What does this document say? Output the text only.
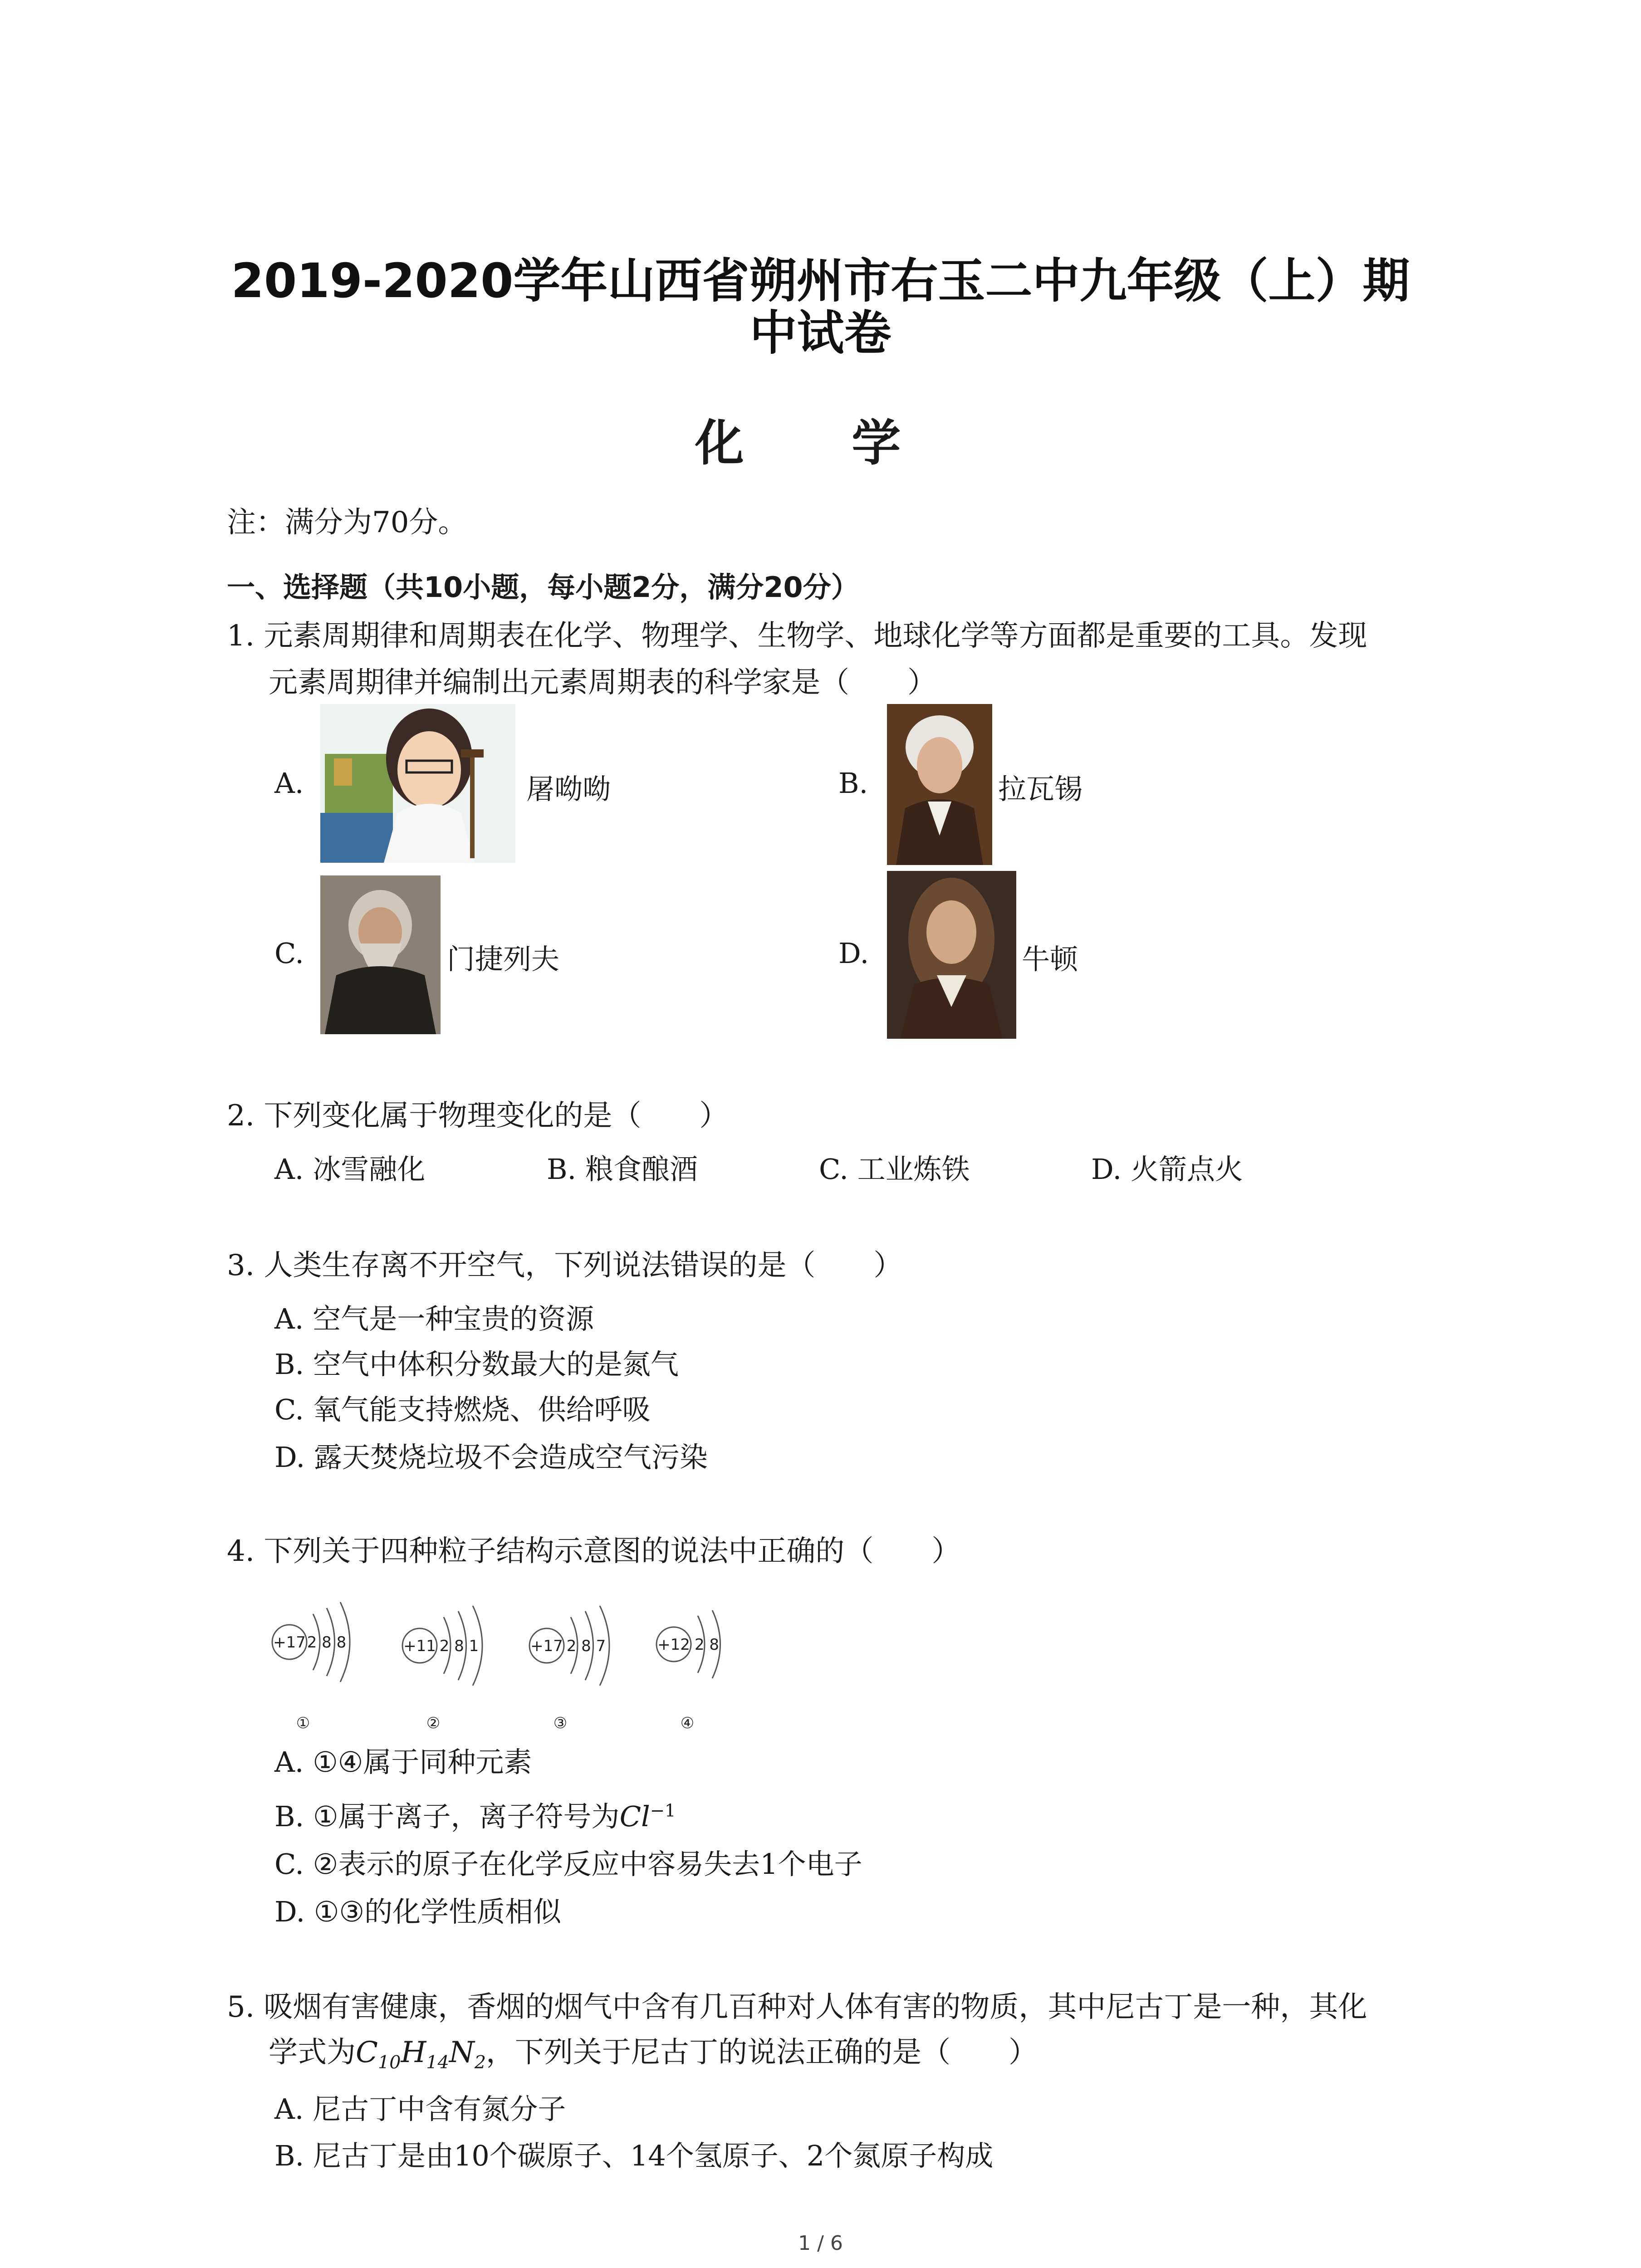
2019-2020学年山西省朔州市右玉二中九年级（上）期
中试卷
化 学
注：满分为70分。
一、选择题（共10小题，每小题2分，满分20分）
1. 元素周期律和周期表在化学、物理学、生物学、地球化学等方面都是重要的工具。发现
元素周期律并编制出元素周期表的科学家是（　　）
A.	屠呦呦	B.	拉瓦锡
C.	门捷列夫	D.	牛顿
2. 下列变化属于物理变化的是（　　）
A. 冰雪融化	B. 粮食酿酒	C. 工业炼铁	D. 火箭点火
3. 人类生存离不开空气，下列说法错误的是（　　）
A. 空气是一种宝贵的资源
B. 空气中体积分数最大的是氮气
C. 氧气能支持燃烧、供给呼吸
D. 露天焚烧垃圾不会造成空气污染
4. 下列关于四种粒子结构示意图的说法中正确的（　　）
+17 2 8 8
①
+11 2 8 1
②
+17 2 8 7
③
+12 2 8
④
A. ①④属于同种元素
B. ①属于离子，离子符号为$Cl^{-1}$
C. ②表示的原子在化学反应中容易失去1个电子
D. ①③的化学性质相似
5. 吸烟有害健康，香烟的烟气中含有几百种对人体有害的物质，其中尼古丁是一种，其化
学式为$C_{10}H_{14}N_2$，下列关于尼古丁的说法正确的是（　　）
A. 尼古丁中含有氮分子
B. 尼古丁是由10个碳原子、14个氢原子、2个氮原子构成
1 / 6
